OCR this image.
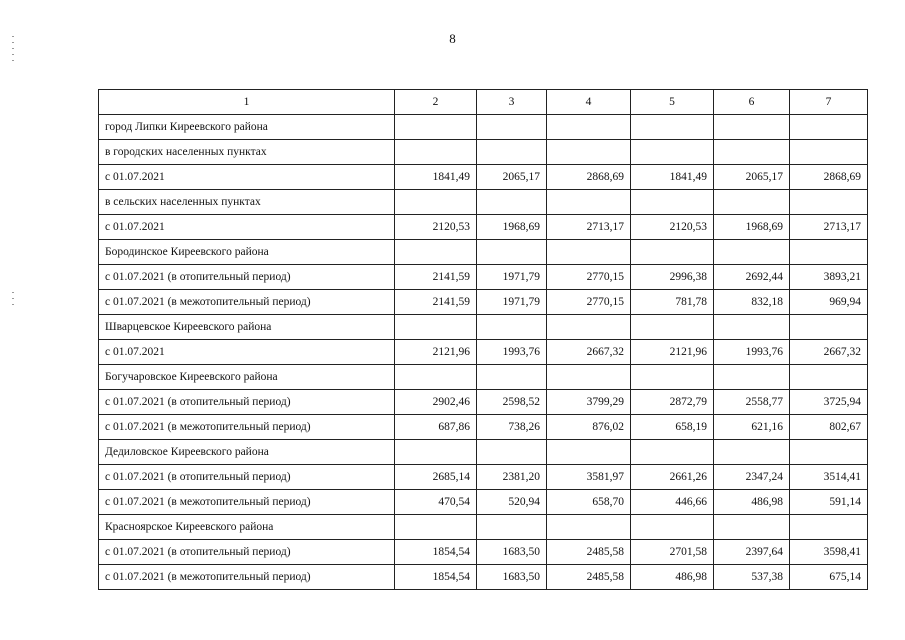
8
1	2	3	4	5	6	7
город Липки Киреевского района						
в городских населенных пунктах						
с 01.07.2021	1841,49	2065,17	2868,69	1841,49	2065,17	2868,69
в сельских населенных пунктах						
с 01.07.2021	2120,53	1968,69	2713,17	2120,53	1968,69	2713,17
Бородинское Киреевского района						
с 01.07.2021 (в отопительный период)	2141,59	1971,79	2770,15	2996,38	2692,44	3893,21
с 01.07.2021 (в межотопительный период)	2141,59	1971,79	2770,15	781,78	832,18	969,94
Шварцевское Киреевского района						
с 01.07.2021	2121,96	1993,76	2667,32	2121,96	1993,76	2667,32
Богучаровское Киреевского района						
с 01.07.2021 (в отопительный период)	2902,46	2598,52	3799,29	2872,79	2558,77	3725,94
с 01.07.2021 (в межотопительный период)	687,86	738,26	876,02	658,19	621,16	802,67
Дедиловское Киреевского района						
с 01.07.2021 (в отопительный период)	2685,14	2381,20	3581,97	2661,26	2347,24	3514,41
с 01.07.2021 (в межотопительный период)	470,54	520,94	658,70	446,66	486,98	591,14
Красноярское Киреевского района						
с 01.07.2021 (в отопительный период)	1854,54	1683,50	2485,58	2701,58	2397,64	3598,41
с 01.07.2021 (в межотопительный период)	1854,54	1683,50	2485,58	486,98	537,38	675,14
